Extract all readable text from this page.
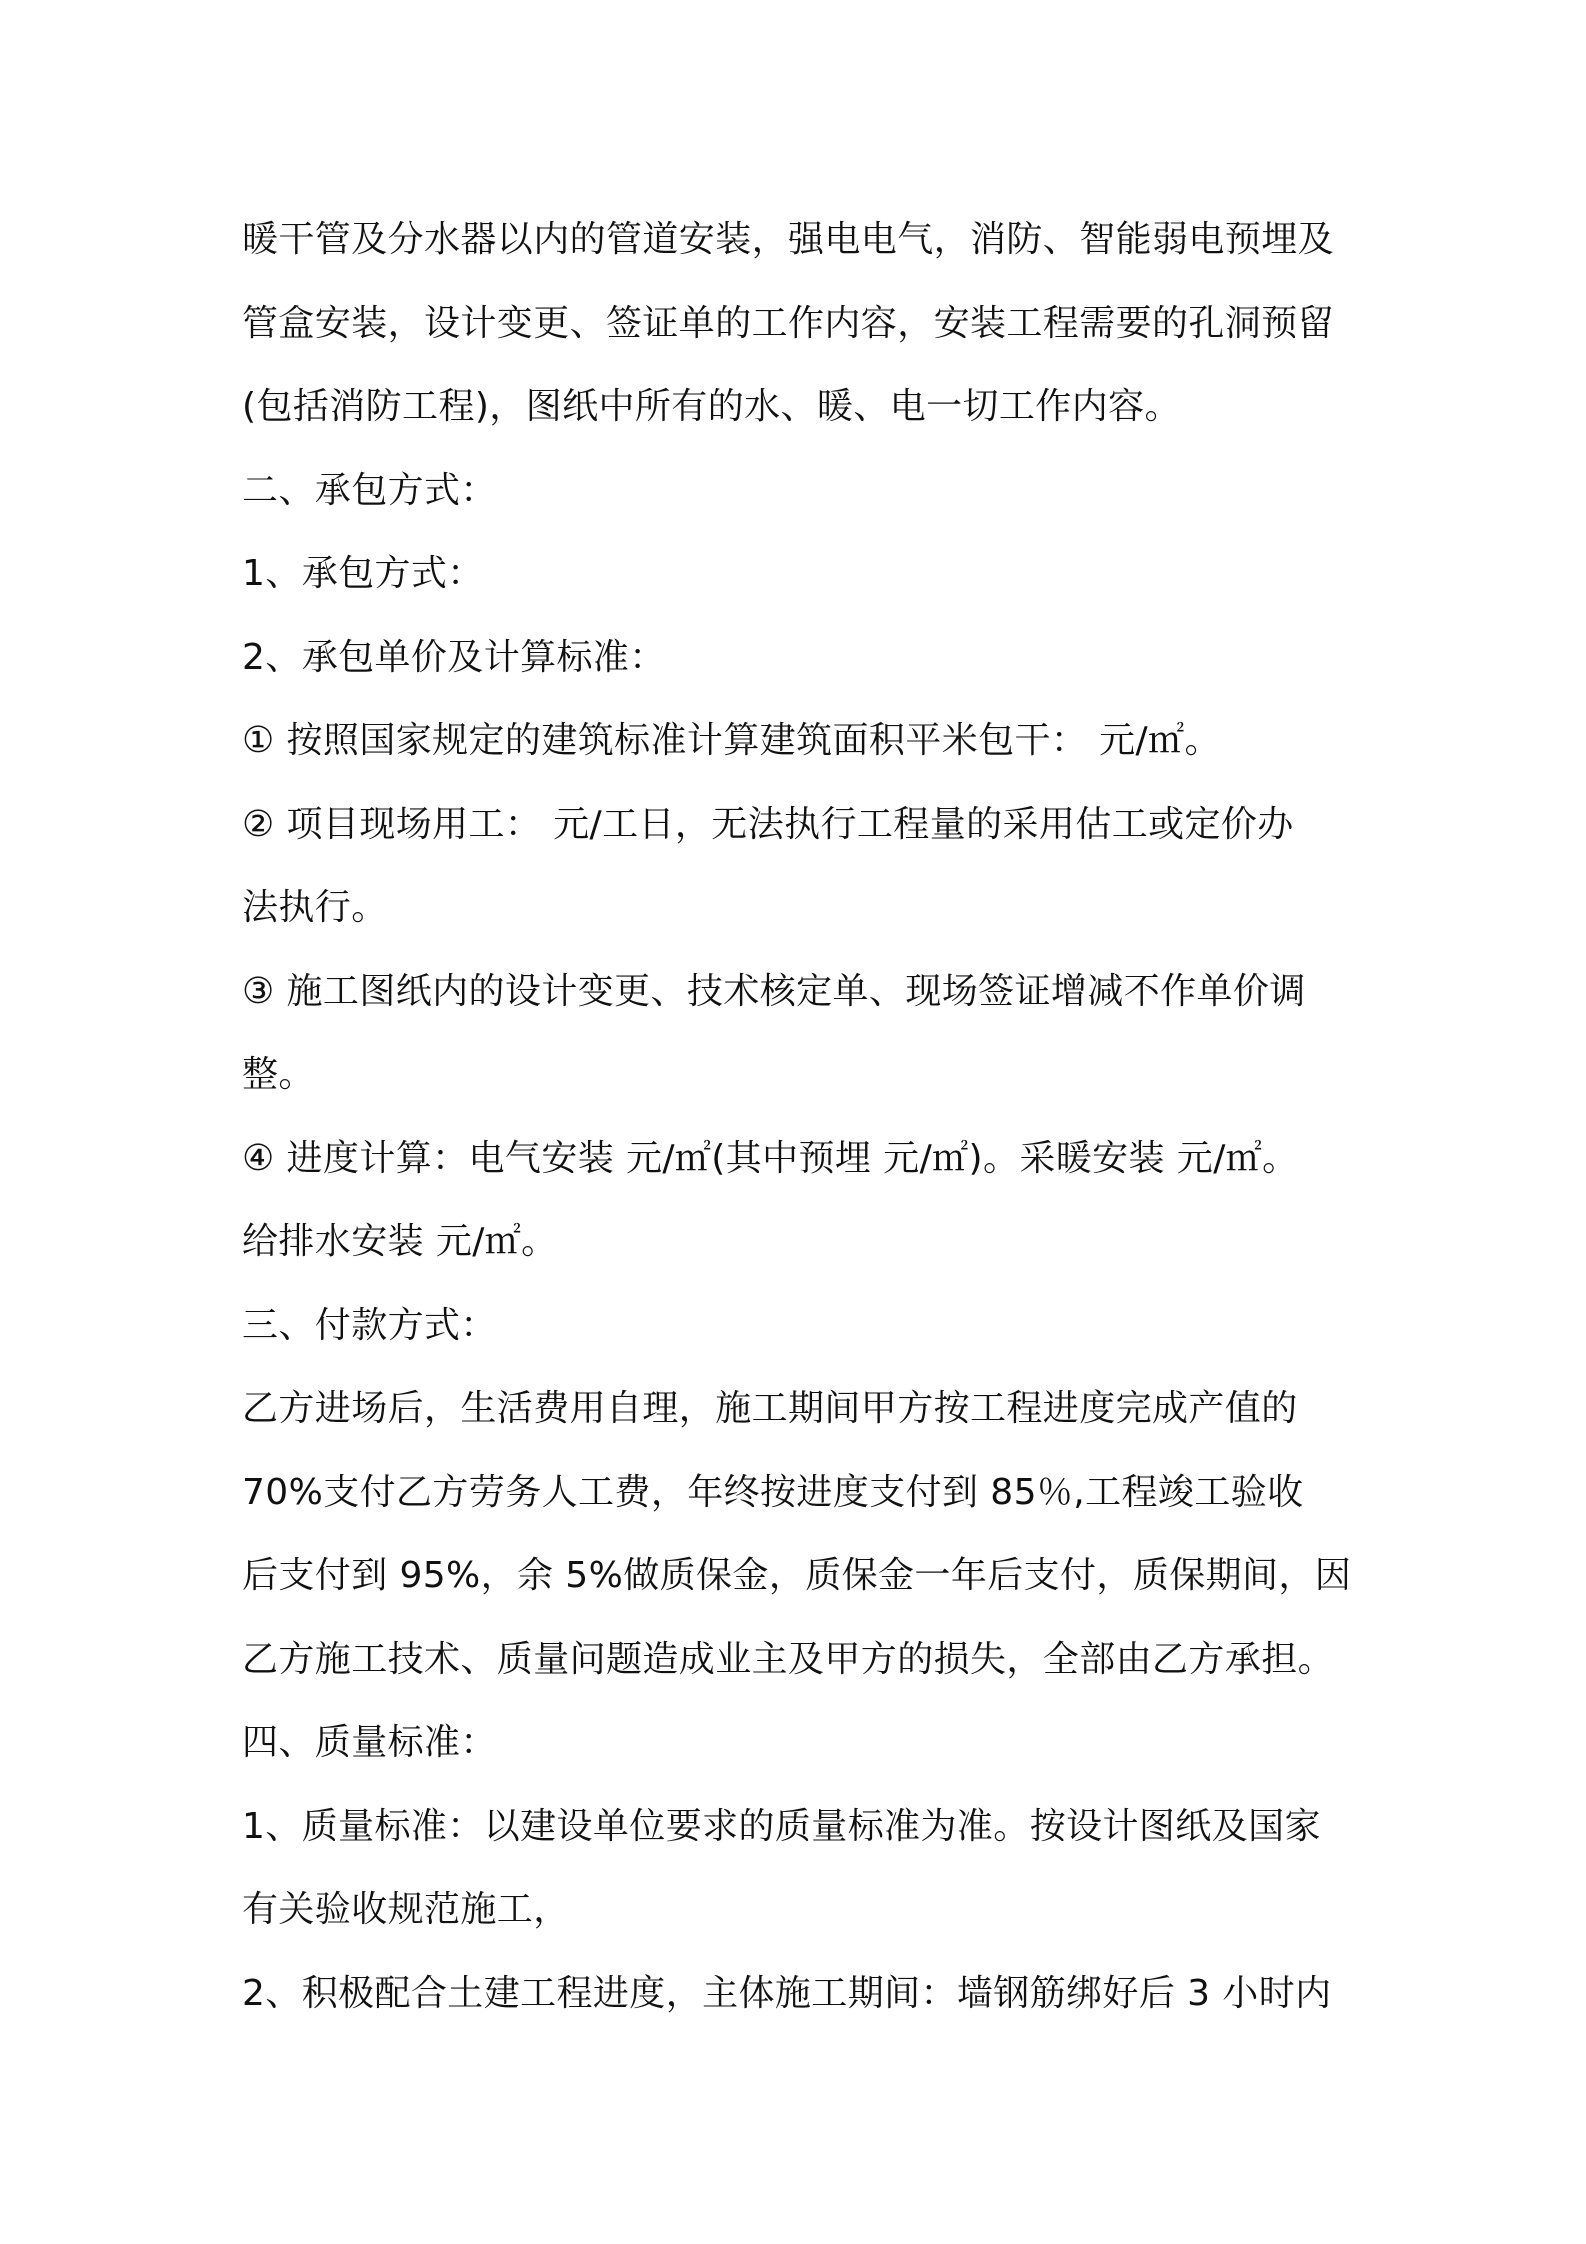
暖干管及分水器以内的管道安装，强电电气，消防、智能弱电预埋及
管盒安装，设计变更、签证单的工作内容，安装工程需要的孔洞预留
(包括消防工程)，图纸中所有的水、暖、电一切工作内容。
二、承包方式：
1、承包方式：
2、承包单价及计算标准：
① 按照国家规定的建筑标准计算建筑面积平米包干： 元/㎡。
② 项目现场用工： 元/工日，无法执行工程量的采用估工或定价办
法执行。
③ 施工图纸内的设计变更、技术核定单、现场签证增减不作单价调
整。
④ 进度计算：电气安装 元/㎡(其中预埋 元/㎡)。采暖安装 元/㎡。
给排水安装 元/㎡。
三、付款方式：
乙方进场后，生活费用自理，施工期间甲方按工程进度完成产值的
70%支付乙方劳务人工费，年终按进度支付到 85％,工程竣工验收
后支付到 95%，余 5%做质保金，质保金一年后支付，质保期间，因
乙方施工技术、质量问题造成业主及甲方的损失，全部由乙方承担。
四、质量标准：
1、质量标准：以建设单位要求的质量标准为准。按设计图纸及国家
有关验收规范施工，
2、积极配合土建工程进度，主体施工期间：墙钢筋绑好后 3 小时内
